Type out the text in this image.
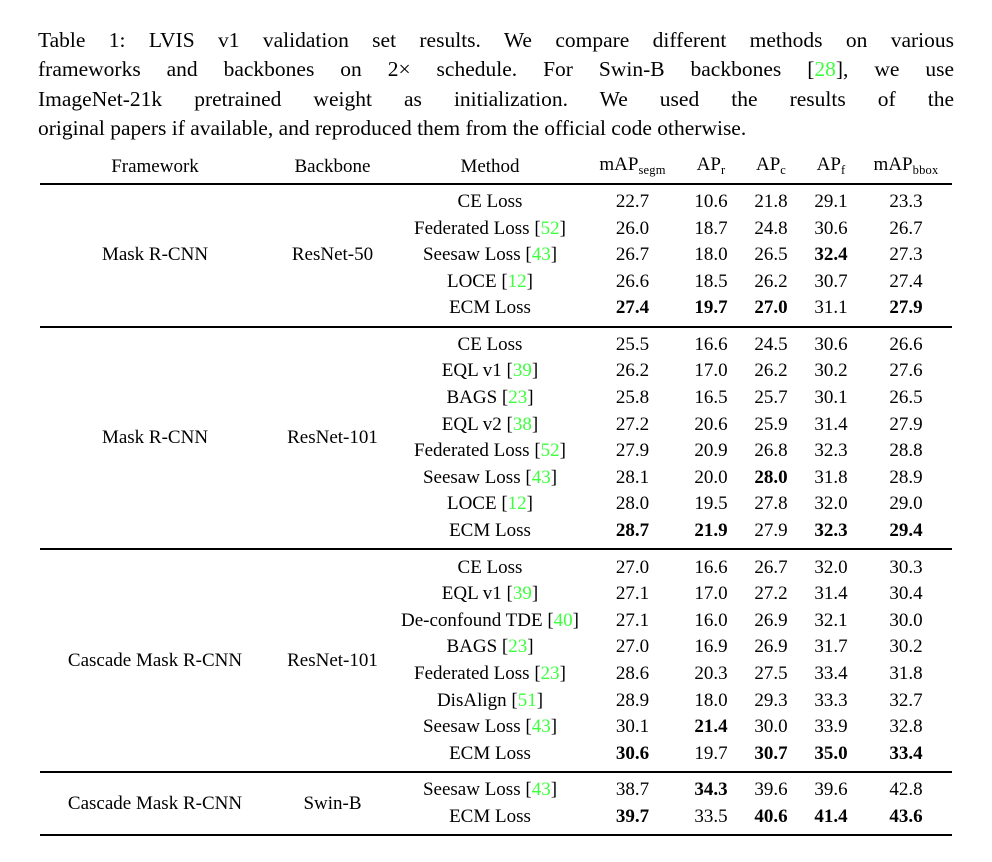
Table 1: LVIS v1 validation set results. We compare different methods on various
frameworks and backbones on 2× schedule. For Swin-B backbones [28], we use
ImageNet-21k pretrained weight as initialization. We used the results of the
original papers if available, and reproduced them from the official code otherwise.
Framework	Backbone	Method	mAP$_{segm}$	$AP_r$	$AP_c$	$AP_f$	mAP$_{bbox}$
Mask R-CNN	ResNet-50
CE Loss	22.7	10.6	21.8	29.1	23.3
Federated Loss [52]	26.0	18.7	24.8	30.6	26.7
Seesaw Loss [43]	26.7	18.0	26.5	32.4	27.3
LOCE [12]	26.6	18.5	26.2	30.7	27.4
ECM Loss	27.4	19.7	27.0	31.1	27.9
Mask R-CNN	ResNet-101
CE Loss	25.5	16.6	24.5	30.6	26.6
EQL v1 [39]	26.2	17.0	26.2	30.2	27.6
BAGS [23]	25.8	16.5	25.7	30.1	26.5
EQL v2 [38]	27.2	20.6	25.9	31.4	27.9
Federated Loss [52]	27.9	20.9	26.8	32.3	28.8
Seesaw Loss [43]	28.1	20.0	28.0	31.8	28.9
LOCE [12]	28.0	19.5	27.8	32.0	29.0
ECM Loss	28.7	21.9	27.9	32.3	29.4
Cascade Mask R-CNN	ResNet-101
CE Loss	27.0	16.6	26.7	32.0	30.3
EQL v1 [39]	27.1	17.0	27.2	31.4	30.4
De-confound TDE [40]	27.1	16.0	26.9	32.1	30.0
BAGS [23]	27.0	16.9	26.9	31.7	30.2
Federated Loss [23]	28.6	20.3	27.5	33.4	31.8
DisAlign [51]	28.9	18.0	29.3	33.3	32.7
Seesaw Loss [43]	30.1	21.4	30.0	33.9	32.8
ECM Loss	30.6	19.7	30.7	35.0	33.4
Cascade Mask R-CNN	Swin-B
Seesaw Loss [43]	38.7	34.3	39.6	39.6	42.8
ECM Loss	39.7	33.5	40.6	41.4	43.6
